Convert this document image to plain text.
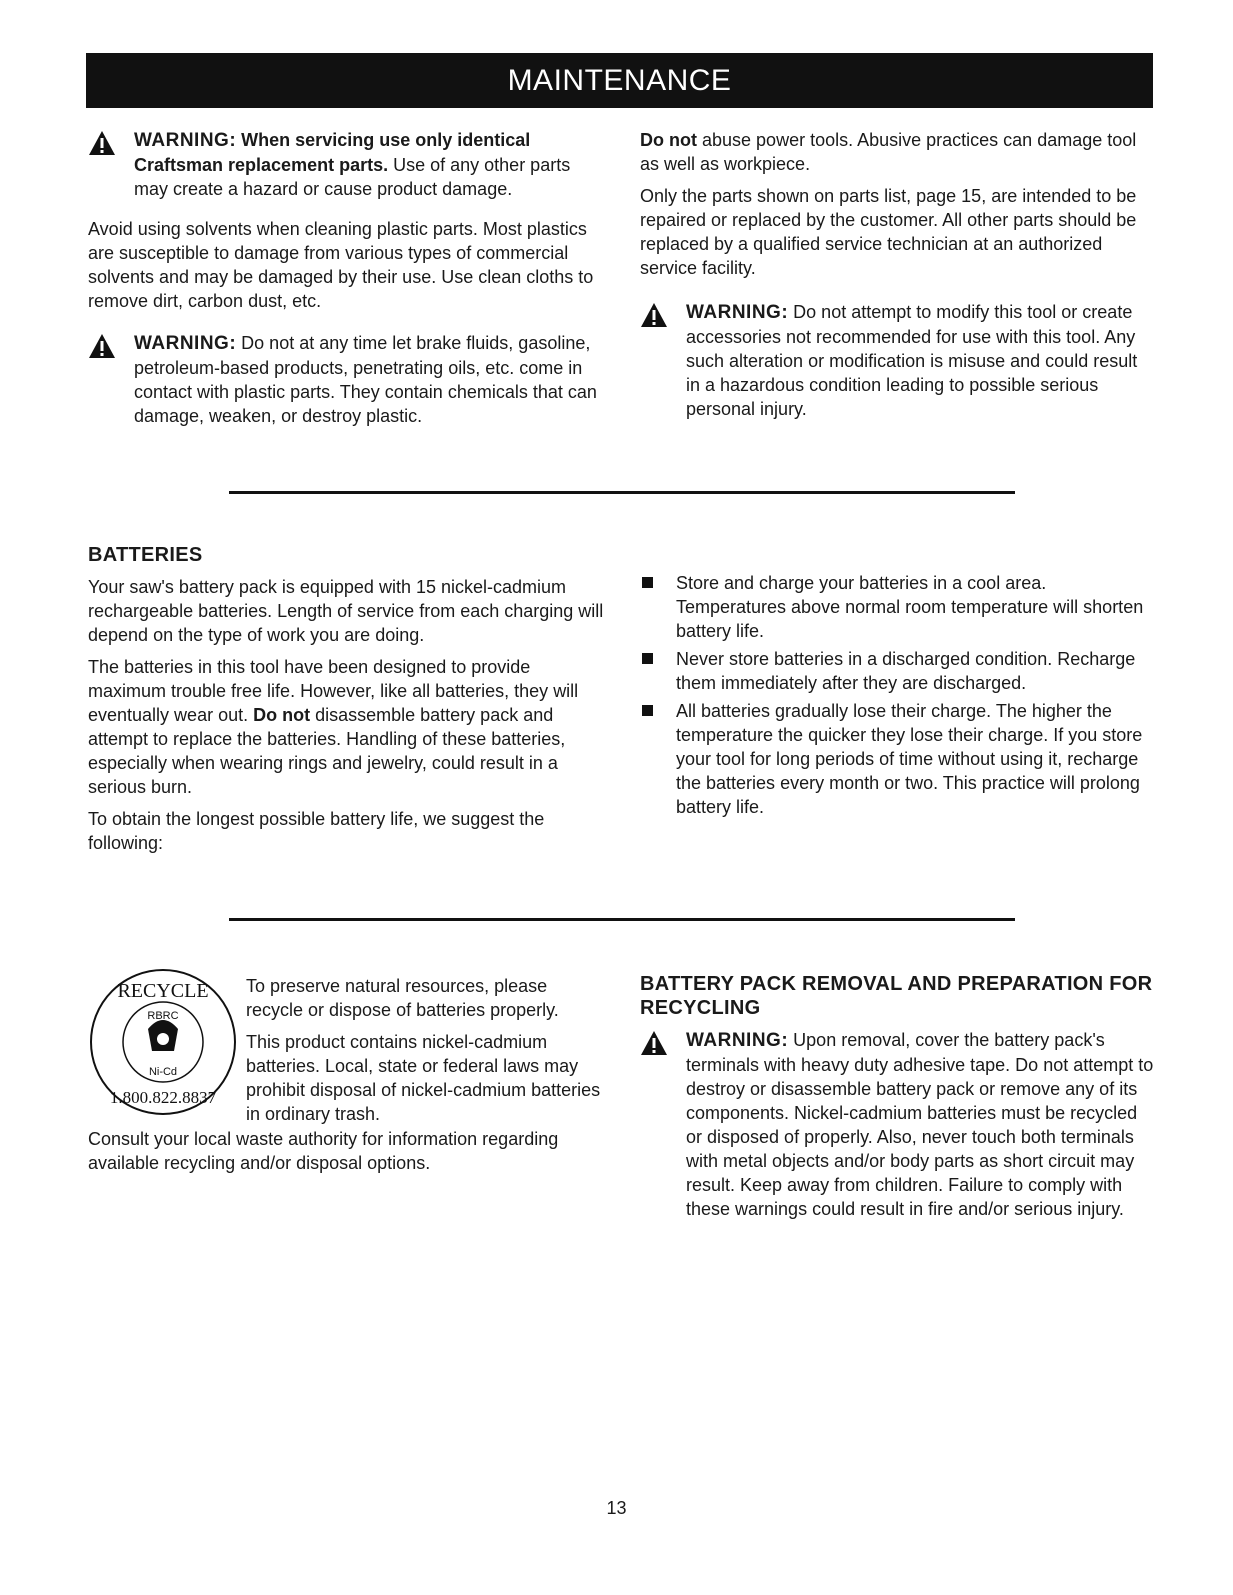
MAINTENANCE
WARNING: When servicing use only identical Craftsman replacement parts. Use of any other parts may create a hazard or cause product damage.

Avoid using solvents when cleaning plastic parts. Most plastics are susceptible to damage from various types of commercial solvents and may be damaged by their use. Use clean cloths to remove dirt, carbon dust, etc.

WARNING: Do not at any time let brake fluids, gasoline, petroleum-based products, penetrating oils, etc. come in contact with plastic parts. They contain chemicals that can damage, weaken, or destroy plastic.

Do not abuse power tools. Abusive practices can damage tool as well as workpiece.

Only the parts shown on parts list, page 15, are intended to be repaired or replaced by the customer. All other parts should be replaced by a qualified service technician at an authorized service facility.

WARNING: Do not attempt to modify this tool or create accessories not recommended for use with this tool. Any such alteration or modification is misuse and could result in a hazardous condition leading to possible serious personal injury.
BATTERIES

Your saw's battery pack is equipped with 15 nickel-cadmium rechargeable batteries. Length of service from each charging will depend on the type of work you are doing.

The batteries in this tool have been designed to provide maximum trouble free life. However, like all batteries, they will eventually wear out. Do not disassemble battery pack and attempt to replace the batteries. Handling of these batteries, especially when wearing rings and jewelry, could result in a serious burn.

To obtain the longest possible battery life, we suggest the following:

Store and charge your batteries in a cool area. Temperatures above normal room temperature will shorten battery life.
Never store batteries in a discharged condition. Recharge them immediately after they are discharged.
All batteries gradually lose their charge. The higher the temperature the quicker they lose their charge. If you store your tool for long periods of time without using it, recharge the batteries every month or two. This practice will prolong battery life.
RECYCLE
RBRC
Ni-Cd
1.800.822.8837

To preserve natural resources, please recycle or dispose of batteries properly.

This product contains nickel-cadmium batteries. Local, state or federal laws may prohibit disposal of nickel-cadmium batteries in ordinary trash.

Consult your local waste authority for information regarding available recycling and/or disposal options.

BATTERY PACK REMOVAL AND PREPARATION FOR RECYCLING
WARNING: Upon removal, cover the battery pack's terminals with heavy duty adhesive tape. Do not attempt to destroy or disassemble battery pack or remove any of its components. Nickel-cadmium batteries must be recycled or disposed of properly. Also, never touch both terminals with metal objects and/or body parts as short circuit may result. Keep away from children. Failure to comply with these warnings could result in fire and/or serious injury.
13
